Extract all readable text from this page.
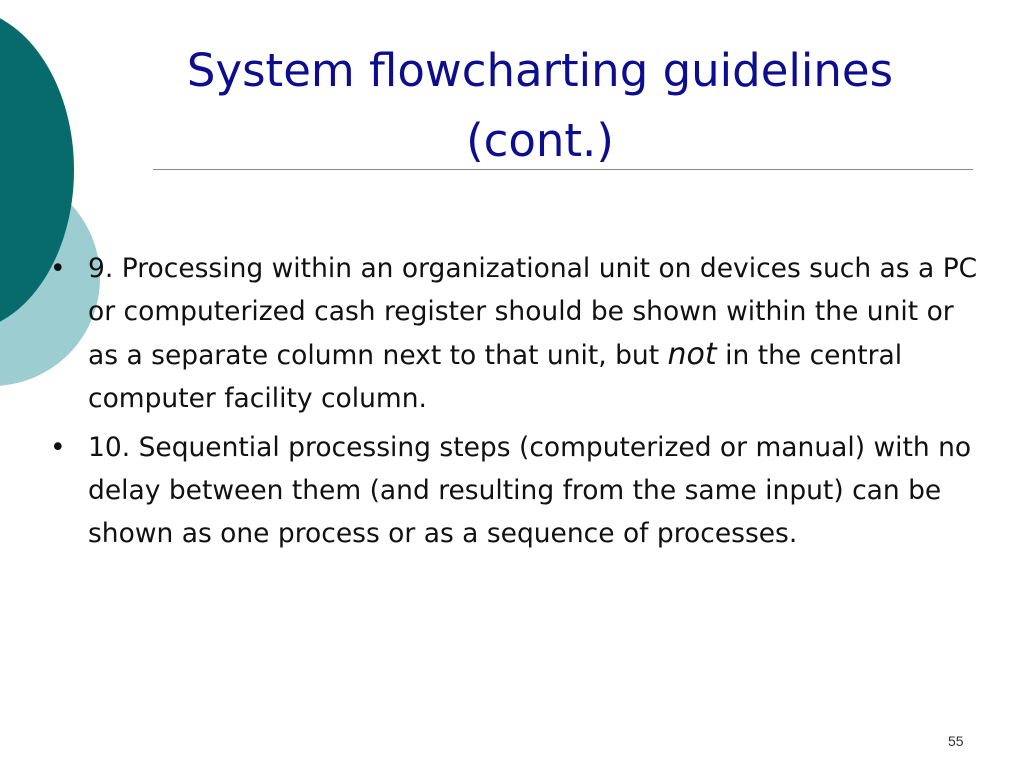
System flowcharting guidelines
(cont.)
• 9. Processing within an organizational unit on devices such as a PC or computerized cash register should be shown within the unit or as a separate column next to that unit, but not in the central computer facility column.
• 10. Sequential processing steps (computerized or manual) with no delay between them (and resulting from the same input) can be shown as one process or as a sequence of processes.
55
